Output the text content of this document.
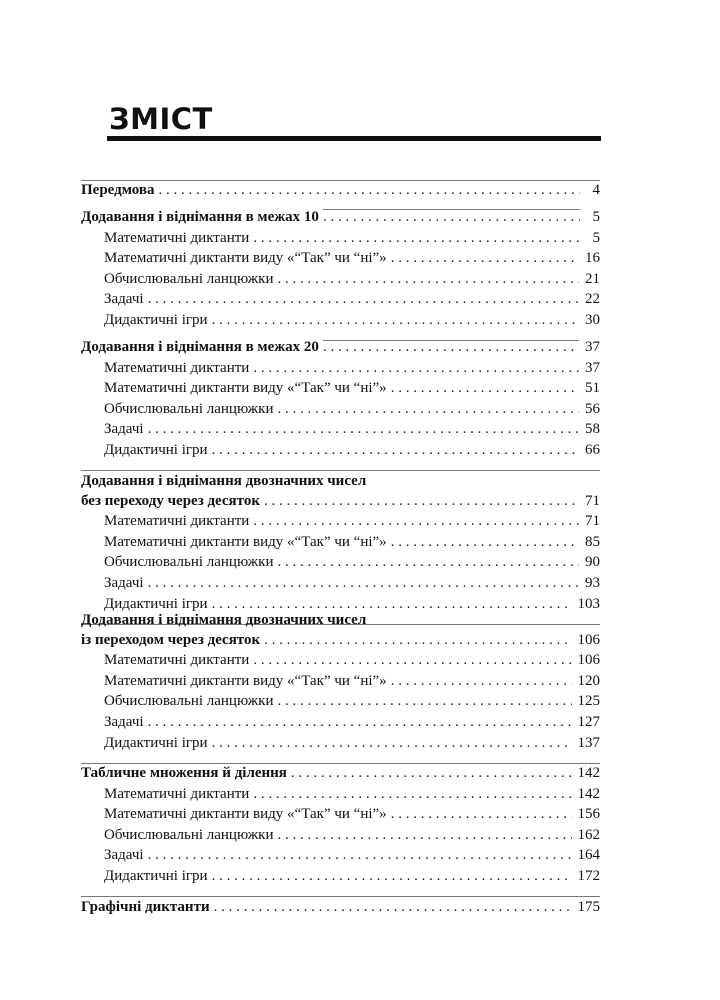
ЗМІСТ
Передмова . . .	4
Додавання і віднімання в межах 10 . . .	5
Математичні диктанти . . .	5
Математичні диктанти виду «“Так” чи “ні”» . . .	16
Обчислювальні ланцюжки . . .	21
Задачі . . .	22
Дидактичні ігри . . .	30
Додавання і віднімання в межах 20 . . .	37
Математичні диктанти . . .	37
Математичні диктанти виду «“Так” чи “ні”» . . .	51
Обчислювальні ланцюжки . . .	56
Задачі . . .	58
Дидактичні ігри . . .	66
Додавання і віднімання двозначних чисел
без переходу через десяток . . .	71
Математичні диктанти . . .	71
Математичні диктанти виду «“Так” чи “ні”» . . .	85
Обчислювальні ланцюжки . . .	90
Задачі . . .	93
Дидактичні ігри . . .	103
Додавання і віднімання двозначних чисел
із переходом через десяток . . .	106
Математичні диктанти . . .	106
Математичні диктанти виду «“Так” чи “ні”» . . .	120
Обчислювальні ланцюжки . . .	125
Задачі . . .	127
Дидактичні ігри . . .	137
Табличне множення й ділення . . .	142
Математичні диктанти . . .	142
Математичні диктанти виду «“Так” чи “ні”» . . .	156
Обчислювальні ланцюжки . . .	162
Задачі . . .	164
Дидактичні ігри . . .	172
Графічні диктанти . . .	175
